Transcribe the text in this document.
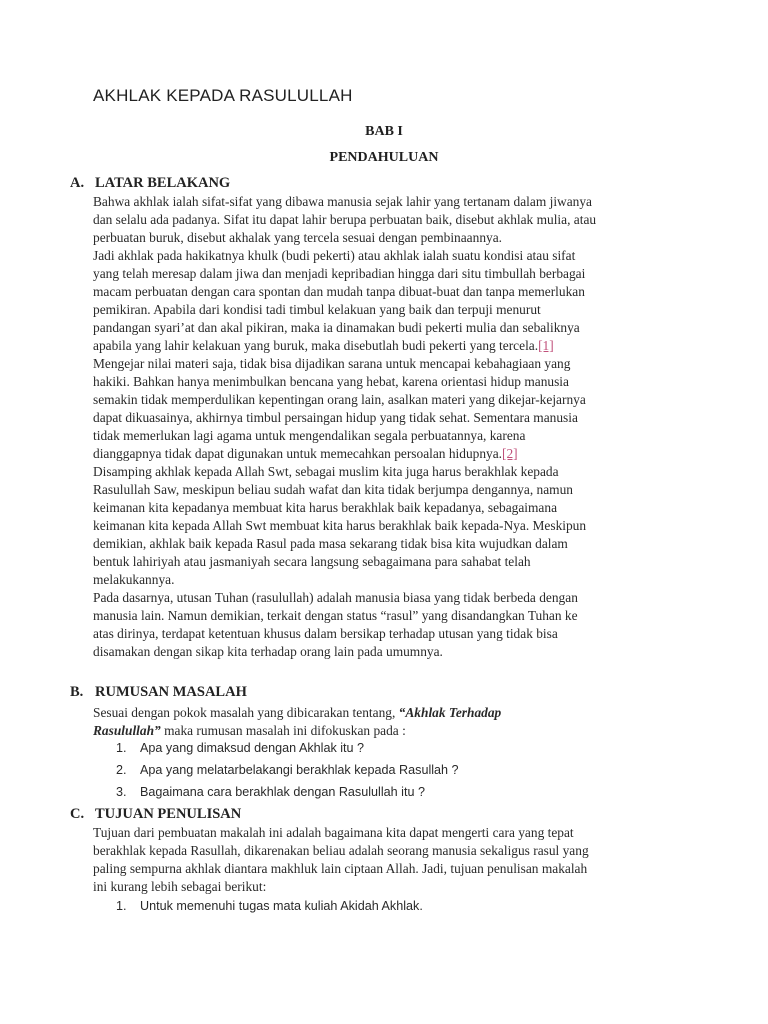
AKHLAK KEPADA RASULULLAH
BAB I
PENDAHULUAN
A. LATAR BELAKANG
Bahwa akhlak ialah sifat-sifat yang dibawa manusia sejak lahir yang tertanam dalam jiwanya
dan selalu ada padanya. Sifat itu dapat lahir berupa perbuatan baik, disebut akhlak mulia, atau
perbuatan buruk, disebut akhalak yang tercela sesuai dengan pembinaannya.
Jadi akhlak pada hakikatnya khulk (budi pekerti) atau akhlak ialah suatu kondisi atau sifat
yang telah meresap dalam jiwa dan menjadi kepribadian hingga dari situ timbullah berbagai
macam perbuatan dengan cara spontan dan mudah tanpa dibuat-buat dan tanpa memerlukan
pemikiran. Apabila dari kondisi tadi timbul kelakuan yang baik dan terpuji menurut
pandangan syari’at dan akal pikiran, maka ia dinamakan budi pekerti mulia dan sebaliknya
apabila yang lahir kelakuan yang buruk, maka disebutlah budi pekerti yang tercela.[1]
Mengejar nilai materi saja, tidak bisa dijadikan sarana untuk mencapai kebahagiaan yang
hakiki. Bahkan hanya menimbulkan bencana yang hebat, karena orientasi hidup manusia
semakin tidak memperdulikan kepentingan orang lain, asalkan materi yang dikejar-kejarnya
dapat dikuasainya, akhirnya timbul persaingan hidup yang tidak sehat. Sementara manusia
tidak memerlukan lagi agama untuk mengendalikan segala perbuatannya, karena
dianggapnya tidak dapat digunakan untuk memecahkan persoalan hidupnya.[2]
Disamping akhlak kepada Allah Swt, sebagai muslim kita juga harus berakhlak kepada
Rasulullah Saw, meskipun beliau sudah wafat dan kita tidak berjumpa dengannya, namun
keimanan kita kepadanya membuat kita harus berakhlak baik kepadanya, sebagaimana
keimanan kita kepada Allah Swt membuat kita harus berakhlak baik kepada-Nya. Meskipun
demikian, akhlak baik kepada Rasul pada masa sekarang tidak bisa kita wujudkan dalam
bentuk lahiriyah atau jasmaniyah secara langsung sebagaimana para sahabat telah
melakukannya.
Pada dasarnya, utusan Tuhan (rasulullah) adalah manusia biasa yang tidak berbeda dengan
manusia lain. Namun demikian, terkait dengan status “rasul” yang disandangkan Tuhan ke
atas dirinya, terdapat ketentuan khusus dalam bersikap terhadap utusan yang tidak bisa
disamakan dengan sikap kita terhadap orang lain pada umumnya.
B. RUMUSAN MASALAH
Sesuai dengan pokok masalah yang dibicarakan tentang, “Akhlak Terhadap
Rasulullah” maka rumusan masalah ini difokuskan pada :
1. Apa yang dimaksud dengan Akhlak itu ?
2. Apa yang melatarbelakangi berakhlak kepada Rasullah ?
3. Bagaimana cara berakhlak dengan Rasulullah itu ?
C. TUJUAN PENULISAN
Tujuan dari pembuatan makalah ini adalah bagaimana kita dapat mengerti cara yang tepat
berakhlak kepada Rasullah, dikarenakan beliau adalah seorang manusia sekaligus rasul yang
paling sempurna akhlak diantara makhluk lain ciptaan Allah. Jadi, tujuan penulisan makalah
ini kurang lebih sebagai berikut:
1. Untuk memenuhi tugas mata kuliah Akidah Akhlak.
